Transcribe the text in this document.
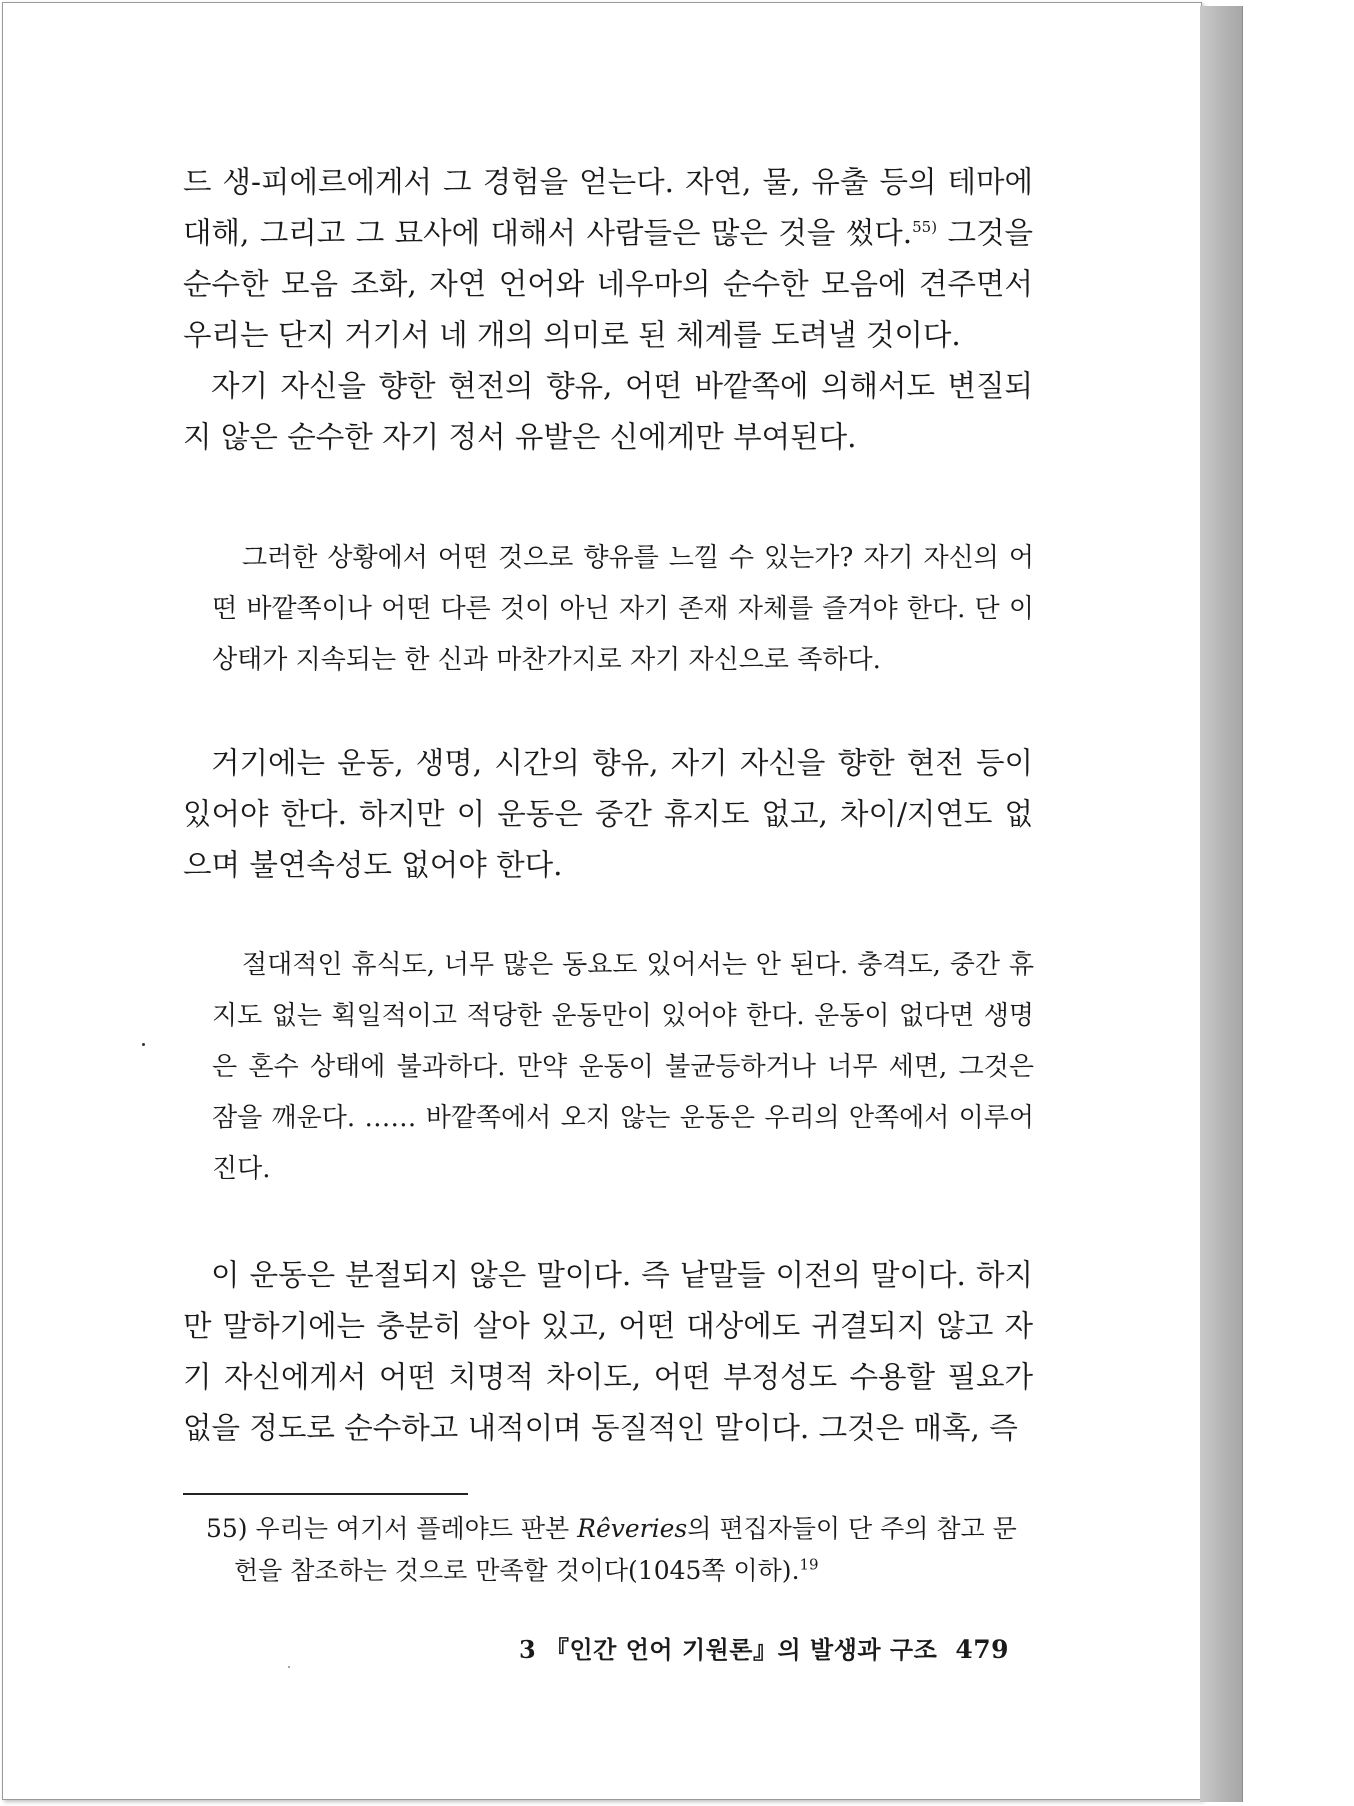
드 생-피에르에게서 그 경험을 얻는다. 자연, 물, 유출 등의 테마에 대해, 그리고 그 묘사에 대해서 사람들은 많은 것을 썼다.$^{55)}$ 그것을 순수한 모음 조화, 자연 언어와 네우마의 순수한 모음에 견주면서 우리는 단지 거기서 네 개의 의미로 된 체계를 도려낼 것이다.
자기 자신을 향한 현전의 향유, 어떤 바깥쪽에 의해서도 변질되지 않은 순수한 자기 정서 유발은 신에게만 부여된다.
그러한 상황에서 어떤 것으로 향유를 느낄 수 있는가? 자기 자신의 어떤 바깥쪽이나 어떤 다른 것이 아닌 자기 존재 자체를 즐겨야 한다. 단 이 상태가 지속되는 한 신과 마찬가지로 자기 자신으로 족하다.
거기에는 운동, 생명, 시간의 향유, 자기 자신을 향한 현전 등이 있어야 한다. 하지만 이 운동은 중간 휴지도 없고, 차이/지연도 없으며 불연속성도 없어야 한다.
절대적인 휴식도, 너무 많은 동요도 있어서는 안 된다. 충격도, 중간 휴지도 없는 획일적이고 적당한 운동만이 있어야 한다. 운동이 없다면 생명은 혼수 상태에 불과하다. 만약 운동이 불균등하거나 너무 세면, 그것은 잠을 깨운다. …… 바깥쪽에서 오지 않는 운동은 우리의 안쪽에서 이루어진다.
이 운동은 분절되지 않은 말이다. 즉 낱말들 이전의 말이다. 하지만 말하기에는 충분히 살아 있고, 어떤 대상에도 귀결되지 않고 자기 자신에게서 어떤 치명적 차이도, 어떤 부정성도 수용할 필요가 없을 정도로 순수하고 내적이며 동질적인 말이다. 그것은 매혹, 즉
55) 우리는 여기서 플레야드 판본 Rêveries의 편집자들이 단 주의 참고 문
헌을 참조하는 것으로 만족할 것이다(1045쪽 이하).$^{19}$
3 『인간 언어 기원론』의 발생과 구조 479
